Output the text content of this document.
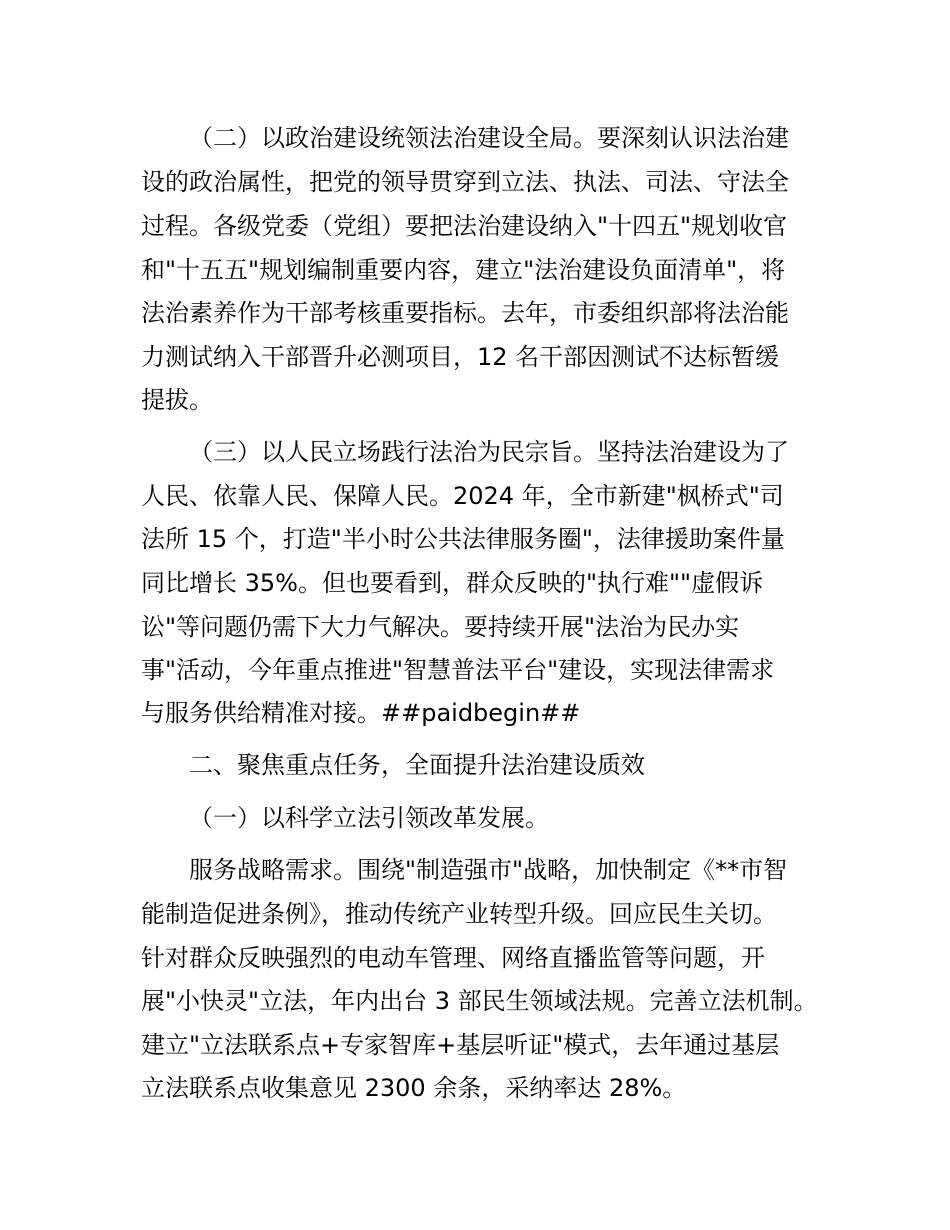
（二）以政治建设统领法治建设全局。要深刻认识法治建

设的政治属性，把党的领导贯穿到立法、执法、司法、守法全

过程。各级党委（党组）要把法治建设纳入"十四五"规划收官

和"十五五"规划编制重要内容，建立"法治建设负面清单"，将

法治素养作为干部考核重要指标。去年，市委组织部将法治能

力测试纳入干部晋升必测项目，12 名干部因测试不达标暂缓

提拔。

（三）以人民立场践行法治为民宗旨。坚持法治建设为了

人民、依靠人民、保障人民。2024 年，全市新建"枫桥式"司

法所 15 个，打造"半小时公共法律服务圈"，法律援助案件量

同比增长 35%。但也要看到，群众反映的"执行难""虚假诉

讼"等问题仍需下大力气解决。要持续开展"法治为民办实

事"活动，今年重点推进"智慧普法平台"建设，实现法律需求

与服务供给精准对接。##paidbegin##

二、聚焦重点任务，全面提升法治建设质效

（一）以科学立法引领改革发展。

服务战略需求。围绕"制造强市"战略，加快制定《**市智

能制造促进条例》，推动传统产业转型升级。回应民生关切。

针对群众反映强烈的电动车管理、网络直播监管等问题，开

展"小快灵"立法，年内出台 3 部民生领域法规。完善立法机制。

建立"立法联系点+专家智库+基层听证"模式，去年通过基层

立法联系点收集意见 2300 余条，采纳率达 28%。
